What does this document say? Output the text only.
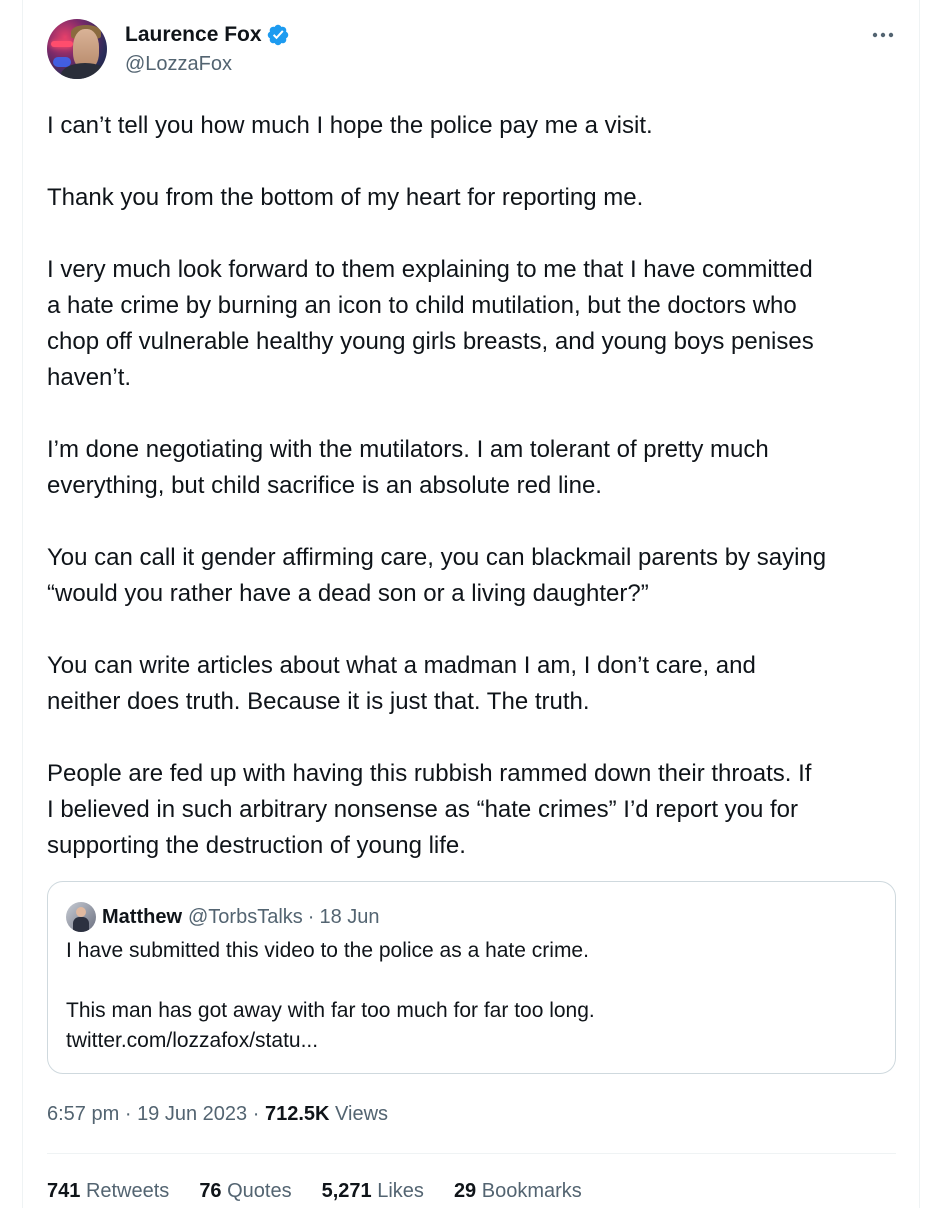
Laurence Fox
@LozzaFox

I can’t tell you how much I hope the police pay me a visit.

Thank you from the bottom of my heart for reporting me.

I very much look forward to them explaining to me that I have committed
a hate crime by burning an icon to child mutilation, but the doctors who
chop off vulnerable healthy young girls breasts, and young boys penises
haven’t.

I’m done negotiating with the mutilators. I am tolerant of pretty much
everything, but child sacrifice is an absolute red line.

You can call it gender affirming care, you can blackmail parents by saying
“would you rather have a dead son or a living daughter?”

You can write articles about what a madman I am, I don’t care, and
neither does truth. Because it is just that. The truth.

People are fed up with having this rubbish rammed down their throats. If
I believed in such arbitrary nonsense as “hate crimes” I’d report you for
supporting the destruction of young life.

Matthew @TorbsTalks · 18 Jun

I have submitted this video to the police as a hate crime.

This man has got away with far too much for far too long.
twitter.com/lozzafox/statu...

6:57 pm · 19 Jun 2023 · 712.5K Views
741 Retweets 76 Quotes 5,271 Likes 29 Bookmarks
